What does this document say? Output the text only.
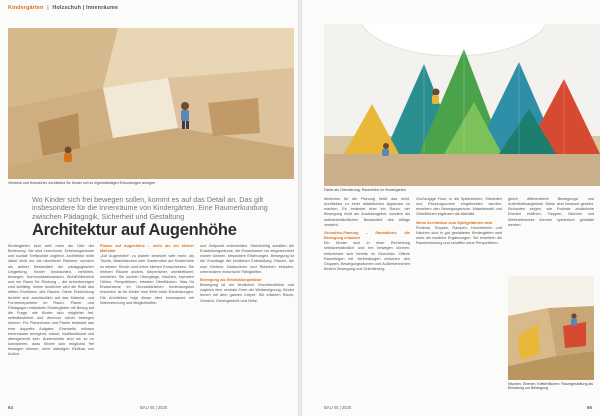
Kindergärten | Holzschuh | Innenräume
Versteck und Holzwürfel. Architektur für Kinder soll zu eigenständigen Erkundungen anregen
Wo Kinder sich frei bewegen sollen, kommt es auf das Detail an. Das gilt insbesondere für die Innenräume von Kindergärten. Eine Raumerkundung zwischen Pädagogik, Sicherheit und Gestaltung
Architektur auf Augenhöhe

Kindergärten sind weit mehr als Orte der Betreuung. Sie sind Lernräume, Erfahrungsräume und soziale Treffpunkte zugleich. Architektur wirkt dabei nicht nur als räumlicher Rahmen, sondern als aktiver Bestandteil der pädagogischen Umgebung. Kinder beobachten, befühlen, bewegen. Kommunikationsraum, Wohlfühlbereich und ein Raum für Rückzug – die Anforderungen sind vielfältig. Immer deutlicher wird die Rolle des dritten Erziehers: des Raums. Diese Entwicklung bezieht sich ausdrücklich auf das Material- und Formenrepertoire im Raum. Planer und Pädagogen entwickeln Kindergärten mit Bezug auf die Frage, wie Kinder sich möglichst frei, selbstbestimmt und dennoch sicher bewegen können. Für Planerinnen und Planer bedeutet das eine doppelte Aufgabe: Einerseits müssen Innenräume anregend, robust, multifunktional und altersgerecht sein. Andererseits sind sie so zu konzipieren, dass Kinder sich möglichst frei bewegen können, ohne ständigen Einfluss von Außen.

Planen auf Augenhöhe – mehr als ein kleiner Maßstab

„Auf Augenhöhe“ zu planen bedeutet weit mehr, als Tische, Waschbecken oder Garderoben auf Kinderhöhe zu setzen. Kinder sind keine kleinen Erwachsenen. Sie erleben Räume anders, körperlicher, unmittelbarer, sinnlicher. Sie suchen Übergänge, Nischen, erproben Höhen, Perspektiven, ertasten Oberflächen. Was für Erwachsene im Grundsätzlichen bedeutungslos erscheint, ist für Kinder eine Welt voller Entdeckungen. Die Architektur folgt dieser Idee konsequent mit Wahrnehmung und Möglichkeiten.

und Zeitpunkt entscheiden. Gleichzeitig schaffen die Entwicklungsräume, die Erwachsene nur eingeschränkt nutzen können, besondere Erfahrungen. Bewegung ist die Grundlage der kindlichen Entwicklung. Räume, die zum Klettern, Balancieren und Rutschen einladen, unterstützen motorische Fähigkeiten.

Bewegung als Entwicklungsfaktor

Bewegung ist ein kindliches Grundbedürfnis und zugleich eine zentrale Form der Weltaneignung. Kinder lernen mit dem ganzen Körper. Sie erfahren Raum, Gewicht, Gleichgewicht und Höhe.

64	BAU 05 | 2025
Farbe als Orientierung: Raumhöhe im Kindergarten

ähnliches für die Planung heißt das nicht, Architektur zu einer didaktischen Apparatur zu machen. Es bedeutet eher ein Raum, der Bewegung nicht als Zusatzangebot, sondern als selbstverständlichen Bestandteil des Alltags versteht.

Grundriss‑Planung – Raumbilder, die Bewegung erlauben

Ein Kinder sich in einer Einrichtung selbstverständlich und frei bewegen können, entscheidet sich bereits im Grundriss. Offene Raumfolgen mit Verbindungen zwischen den Gruppen, Bewegungsräumen und Außenbereichen fördern Bewegung und Orientierung.

Großzügige Flure, in die Spielnischen, Sitzstufen und Rückzugszonen eingebunden werden, erweitern den Bewegungsraum. Materialwahl und Oberflächen ergänzen die Aktivität.

Wenn Architektur zum Spielgefährten wird

Podeste, Treppen, Rampen, Hochebenen und Nischen sind in gut gestalteten Kindergärten weit mehr als bauliche Ergänzungen. Sie erweitern die Raumerfahrung und schaffen neue Perspektiven.

gleich differenzierte Bewegungs- und Aufenthaltsangebote. Diese sind bewusst gesetzt. Einbauten zeigen, wie Podeste zusätzliche Ebenen eröffnen. Treppen, Nischen und Kletterelemente können spielerisch gestaltet werden.

Nischen, Ebenen, Kletterflächen: Raumgestaltung als Einladung zur Bewegung
BAU 05 | 2025	65
